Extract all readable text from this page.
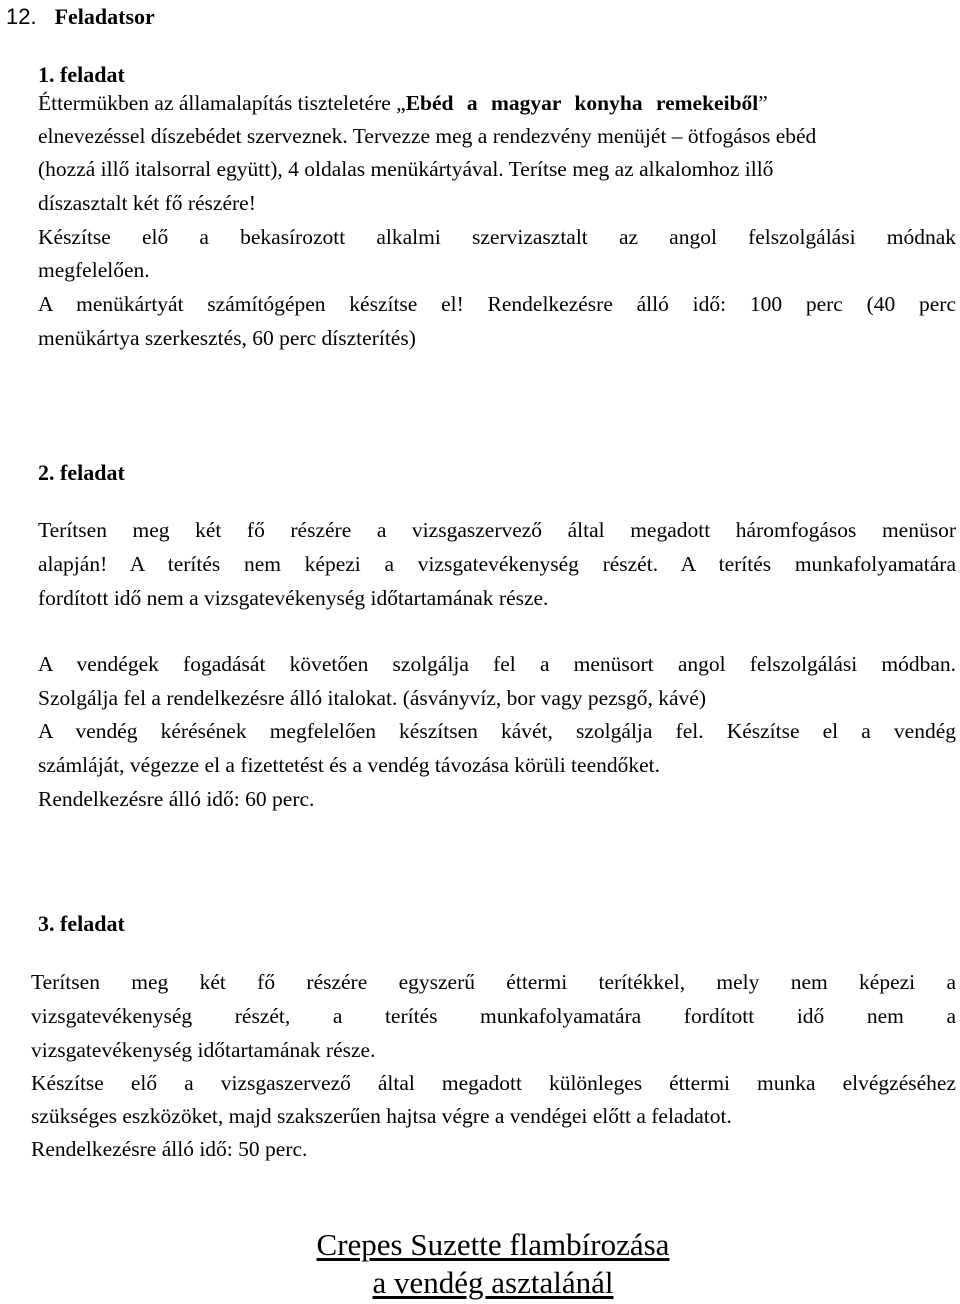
12. Feladatsor
1. feladat
Éttermükben az államalapítás tiszteletére „Ebéd a magyar konyha remekeiből”
elnevezéssel díszebédet szerveznek. Tervezze meg a rendezvény menüjét – ötfogásos ebéd
(hozzá illő italsorral együtt), 4 oldalas menükártyával. Terítse meg az alkalomhoz illő
díszasztalt két fő részére!
Készítse elő a bekasírozott alkalmi szervizasztalt az angol felszolgálási módnak
megfelelően.
A menükártyát számítógépen készítse el! Rendelkezésre álló idő: 100 perc (40 perc
menükártya szerkesztés, 60 perc díszterítés)
2. feladat
Terítsen meg két fő részére a vizsgaszervező által megadott háromfogásos menüsor
alapján! A terítés nem képezi a vizsgatevékenység részét. A terítés munkafolyamatára
fordított idő nem a vizsgatevékenység időtartamának része.
A vendégek fogadását követően szolgálja fel a menüsort angol felszolgálási módban.
Szolgálja fel a rendelkezésre álló italokat. (ásványvíz, bor vagy pezsgő, kávé)
A vendég kérésének megfelelően készítsen kávét, szolgálja fel. Készítse el a vendég
számláját, végezze el a fizettetést és a vendég távozása körüli teendőket.
Rendelkezésre álló idő: 60 perc.
3. feladat
Terítsen meg két fő részére egyszerű éttermi terítékkel, mely nem képezi a
vizsgatevékenység részét, a terítés munkafolyamatára fordított idő nem a
vizsgatevékenység időtartamának része.
Készítse elő a vizsgaszervező által megadott különleges éttermi munka elvégzéséhez
szükséges eszközöket, majd szakszerűen hajtsa végre a vendégei előtt a feladatot.
Rendelkezésre álló idő: 50 perc.
Crepes Suzette flambírozása
a vendég asztalánál
